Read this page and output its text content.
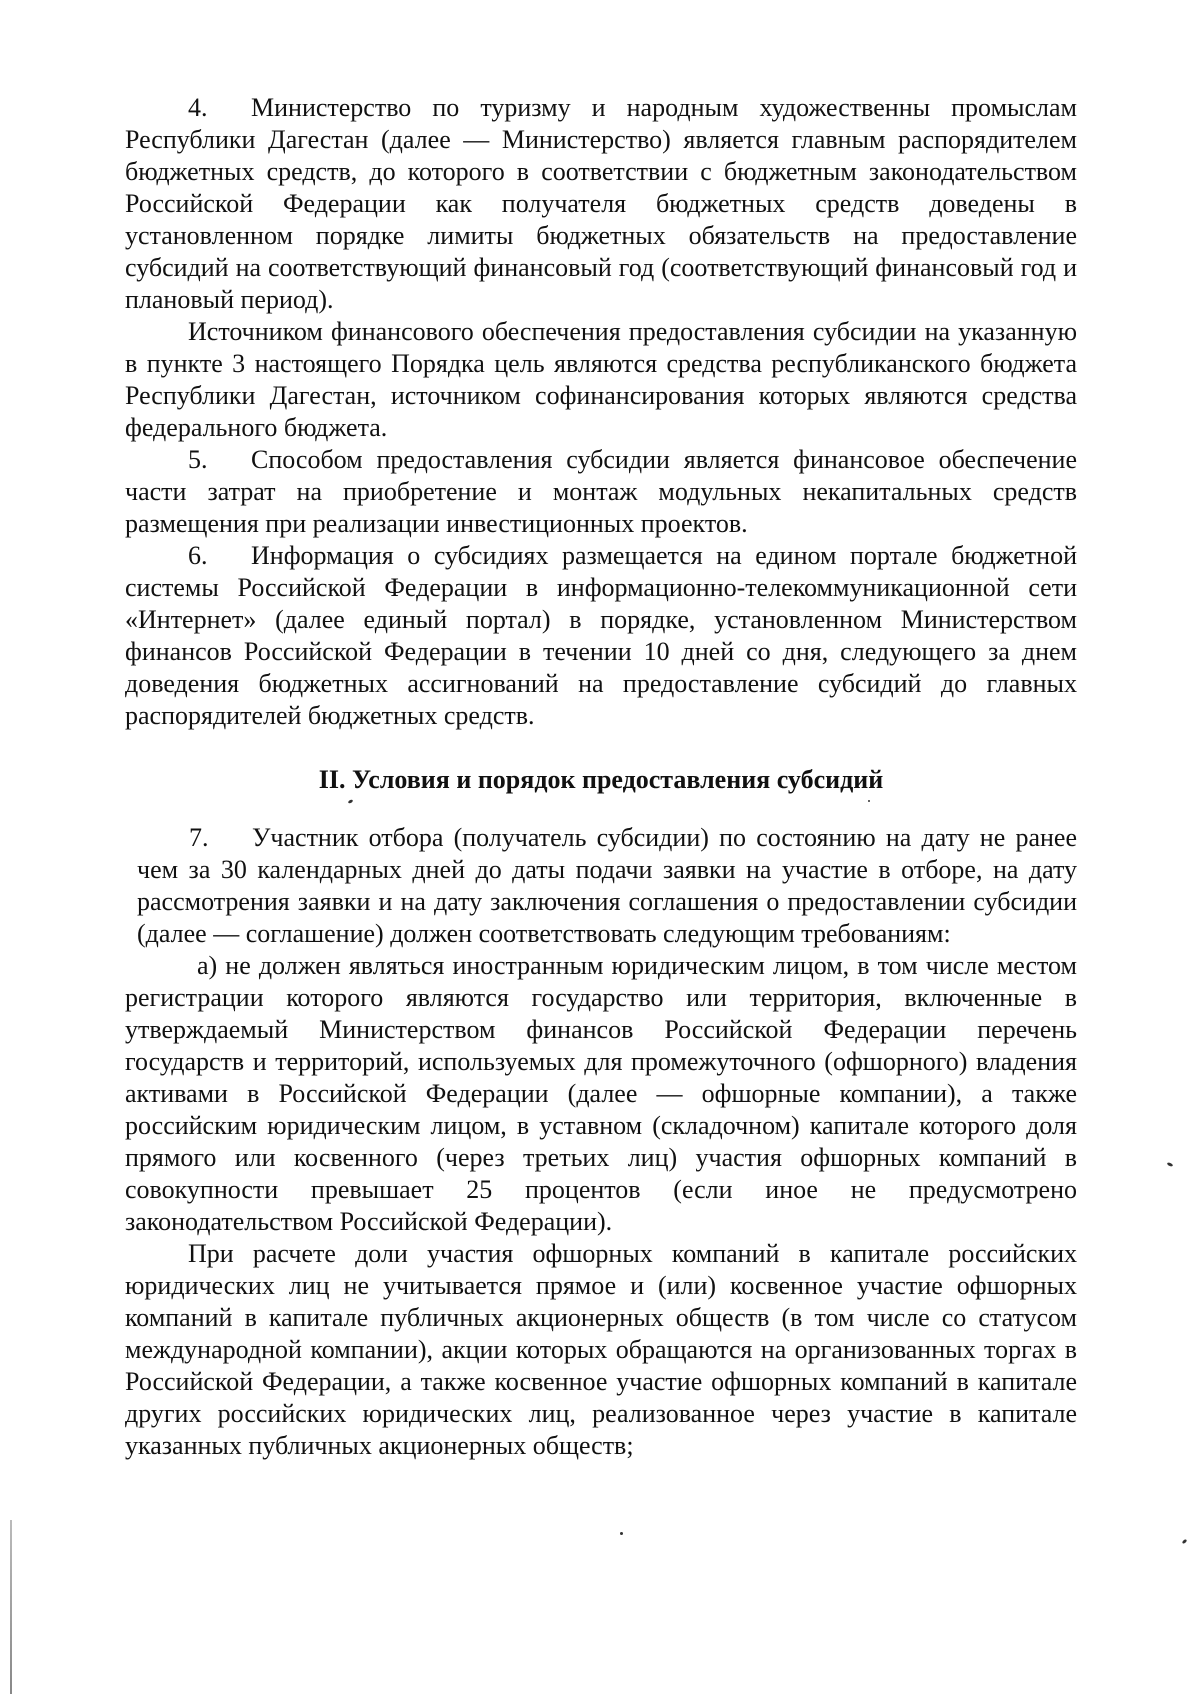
4. Министерство по туризму и народным художественны промыслам Республики Дагестан (далее — Министерство) является главным распорядителем бюджетных средств, до которого в соответствии с бюджетным законодательством Российской Федерации как получателя бюджетных средств доведены в установленном порядке лимиты бюджетных обязательств на предоставление субсидий на соответствующий финансовый год (соответствующий финансовый год и плановый период).

Источником финансового обеспечения предоставления субсидии на указанную в пункте 3 настоящего Порядка цель являются средства республиканского бюджета Республики Дагестан, источником софинансирования которых являются средства федерального бюджета.

5. Способом предоставления субсидии является финансовое обеспечение части затрат на приобретение и монтаж модульных некапитальных средств размещения при реализации инвестиционных проектов.

6. Информация о субсидиях размещается на едином портале бюджетной системы Российской Федерации в информационно-телекоммуникационной сети «Интернет» (далее единый портал) в порядке, установленном Министерством финансов Российской Федерации в течении 10 дней со дня, следующего за днем доведения бюджетных ассигнований на предоставление субсидий до главных распорядителей бюджетных средств.

II. Условия и порядок предоставления субсидий

7. Участник отбора (получатель субсидии) по состоянию на дату не ранее чем за 30 календарных дней до даты подачи заявки на участие в отборе, на дату рассмотрения заявки и на дату заключения соглашения о предоставлении субсидии (далее — соглашение) должен соответствовать следующим требованиям:

а) не должен являться иностранным юридическим лицом, в том числе местом регистрации которого являются государство или территория, включенные в утверждаемый Министерством финансов Российской Федерации перечень государств и территорий, используемых для промежуточного (офшорного) владения активами в Российской Федерации (далее — офшорные компании), а также российским юридическим лицом, в уставном (складочном) капитале которого доля прямого или косвенного (через третьих лиц) участия офшорных компаний в совокупности превышает 25 процентов (если иное не предусмотрено законодательством Российской Федерации).

При расчете доли участия офшорных компаний в капитале российских юридических лиц не учитывается прямое и (или) косвенное участие офшорных компаний в капитале публичных акционерных обществ (в том числе со статусом международной компании), акции которых обращаются на организованных торгах в Российской Федерации, а также косвенное участие офшорных компаний в капитале других российских юридических лиц, реализованное через участие в капитале указанных публичных акционерных обществ;
